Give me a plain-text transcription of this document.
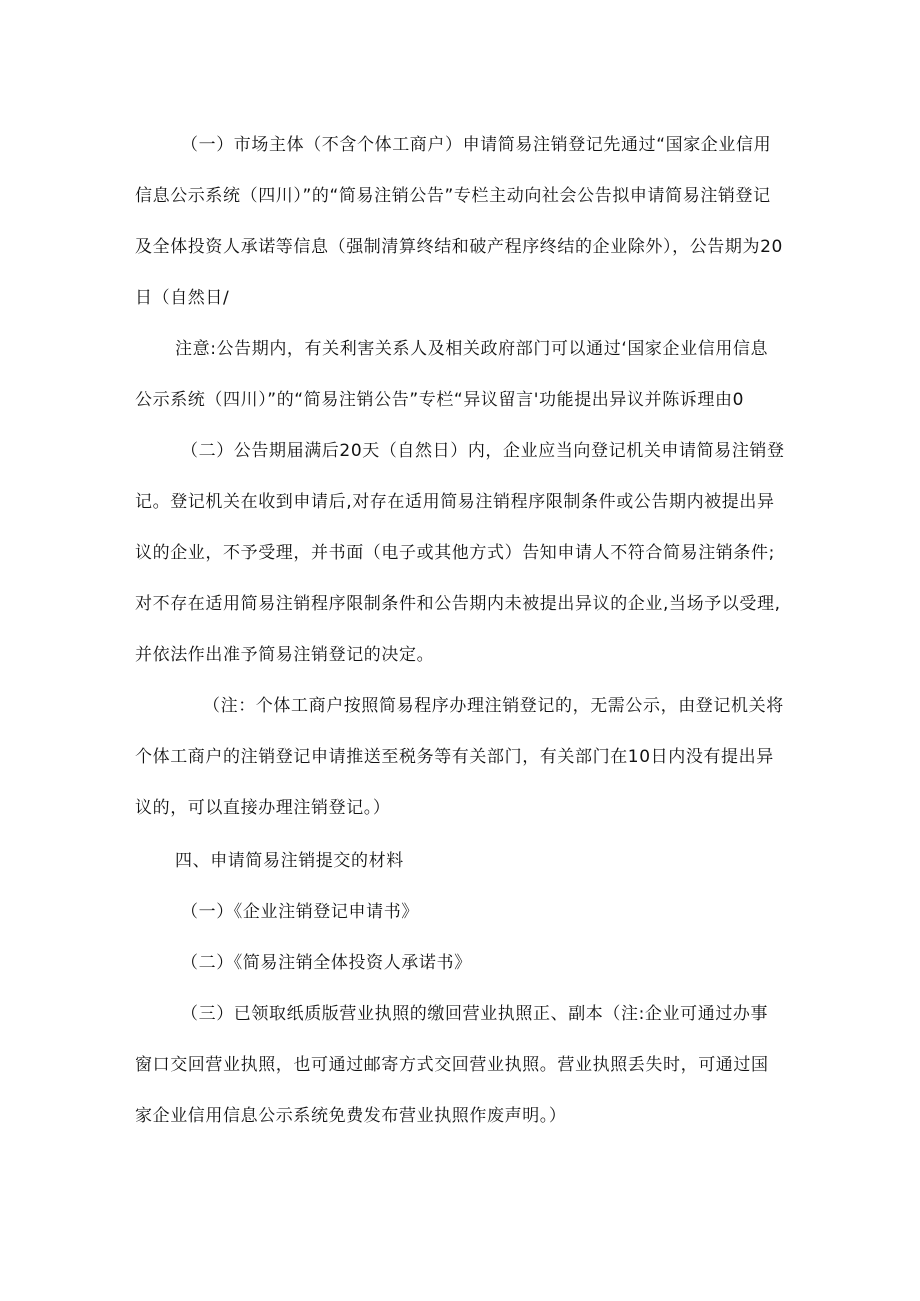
（一）市场主体（不含个体工商户）申请简易注销登记先通过“国家企业信用信息公示系统（四川）”的“简易注销公告”专栏主动向社会公告拟申请简易注销登记及全体投资人承诺等信息（强制清算终结和破产程序终结的企业除外），公告期为20日（自然日∕

注意:公告期内，有关利害关系人及相关政府部门可以通过‘国家企业信用信息公示系统（四川）”的“简易注销公告”专栏“异议留言'功能提出异议并陈诉理由0

（二）公告期届满后20天（自然日）内，企业应当向登记机关申请简易注销登记。登记机关在收到申请后,对存在适用简易注销程序限制条件或公告期内被提出异议的企业，不予受理，并书面（电子或其他方式）告知申请人不符合简易注销条件;对不存在适用简易注销程序限制条件和公告期内未被提出异议的企业,当场予以受理,并依法作出准予简易注销登记的决定。

（注：个体工商户按照简易程序办理注销登记的，无需公示，由登记机关将个体工商户的注销登记申请推送至税务等有关部门，有关部门在10日内没有提出异议的，可以直接办理注销登记。）

四、申请简易注销提交的材料

（一）《企业注销登记申请书》

（二）《简易注销全体投资人承诺书》

（三）已领取纸质版营业执照的缴回营业执照正、副本（注:企业可通过办事窗口交回营业执照，也可通过邮寄方式交回营业执照。营业执照丢失时，可通过国家企业信用信息公示系统免费发布营业执照作废声明。）
